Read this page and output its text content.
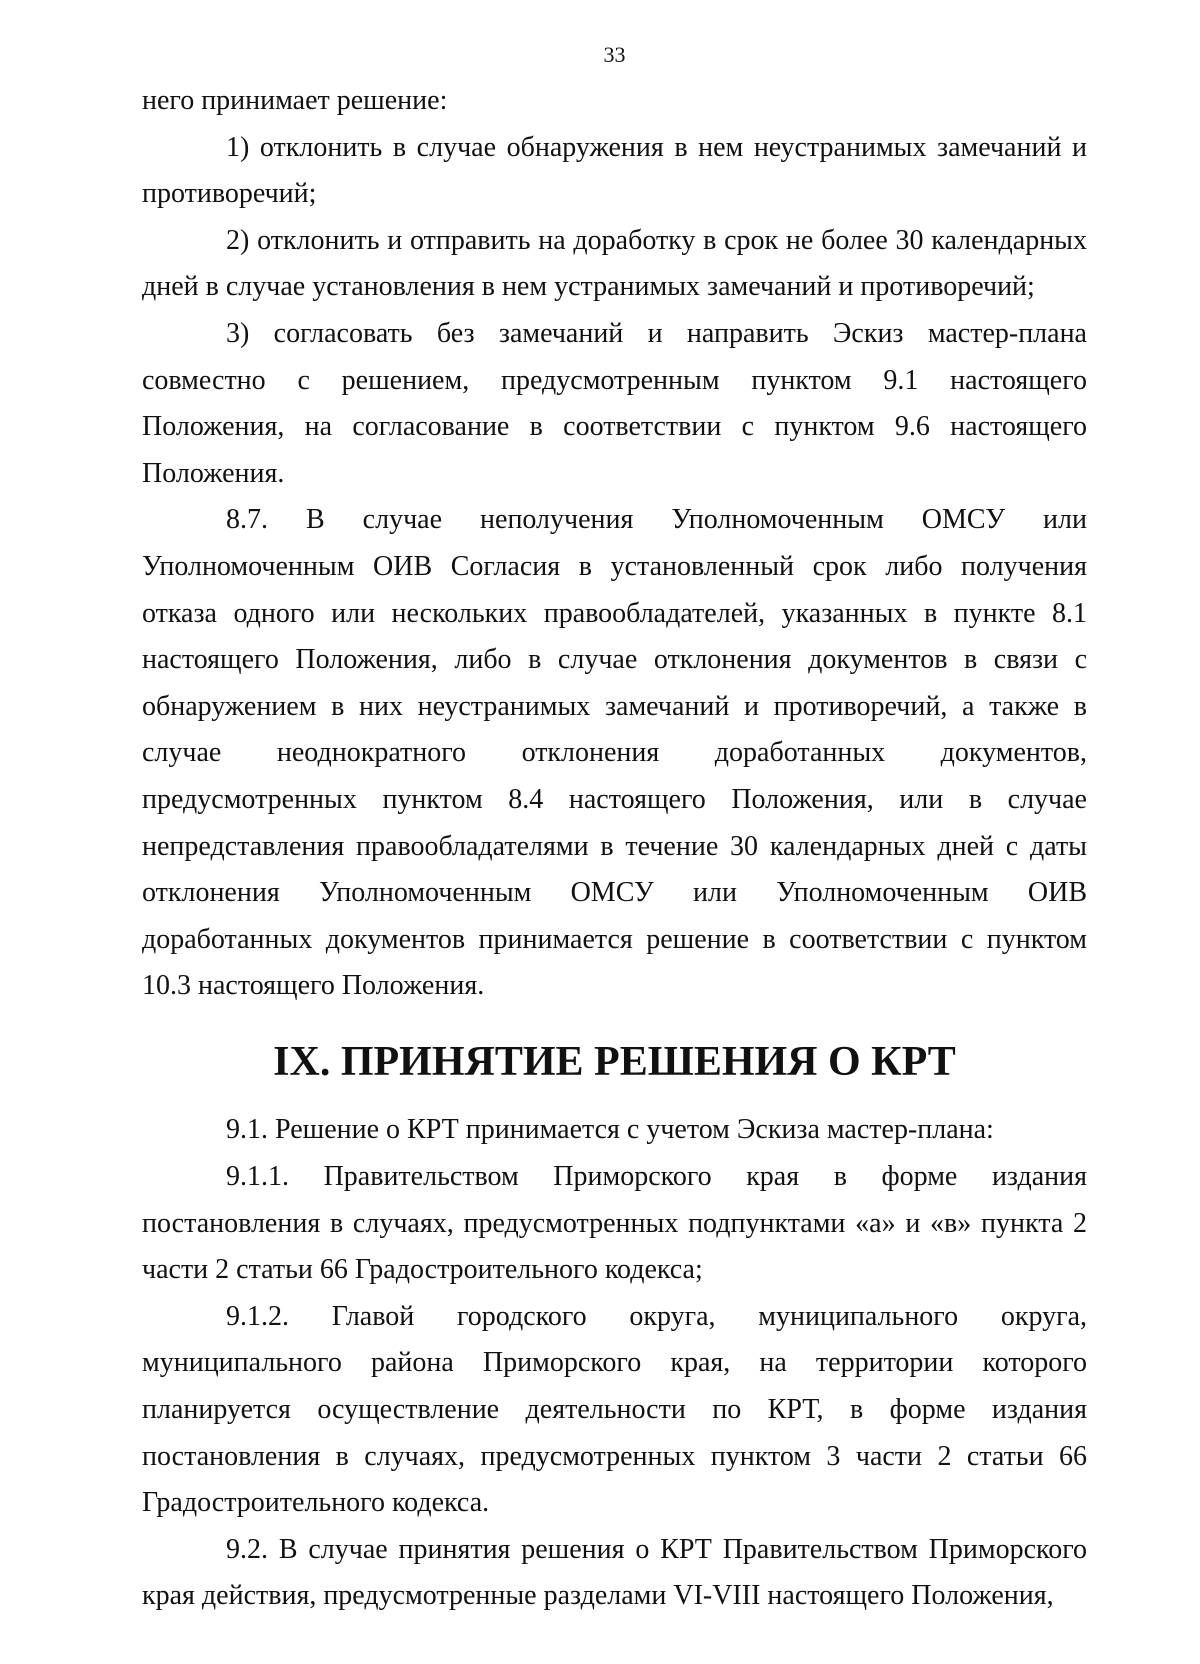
33

него принимает решение:

1) отклонить в случае обнаружения в нем неустранимых замечаний и противоречий;

2) отклонить и отправить на доработку в срок не более 30 календарных дней в случае установления в нем устранимых замечаний и противоречий;

3) согласовать без замечаний и направить Эскиз мастер-плана совместно с решением, предусмотренным пунктом 9.1 настоящего Положения, на согласование в соответствии с пунктом 9.6 настоящего Положения.

8.7. В случае неполучения Уполномоченным ОМСУ или Уполномоченным ОИВ Согласия в установленный срок либо получения отказа одного или нескольких правообладателей, указанных в пункте 8.1 настоящего Положения, либо в случае отклонения документов в связи с обнаружением в них неустранимых замечаний и противоречий, а также в случае неоднократного отклонения доработанных документов, предусмотренных пунктом 8.4 настоящего Положения, или в случае непредставления правообладателями в течение 30 календарных дней с даты отклонения Уполномоченным ОМСУ или Уполномоченным ОИВ доработанных документов принимается решение в соответствии с пунктом 10.3 настоящего Положения.

IX. ПРИНЯТИЕ РЕШЕНИЯ О КРТ

9.1. Решение о КРТ принимается с учетом Эскиза мастер-плана:

9.1.1. Правительством Приморского края в форме издания постановления в случаях, предусмотренных подпунктами «а» и «в» пункта 2 части 2 статьи 66 Градостроительного кодекса;

9.1.2. Главой городского округа, муниципального округа, муниципального района Приморского края, на территории которого планируется осуществление деятельности по КРТ, в форме издания постановления в случаях, предусмотренных пунктом 3 части 2 статьи 66 Градостроительного кодекса.

9.2. В случае принятия решения о КРТ Правительством Приморского края действия, предусмотренные разделами VI-VIII настоящего Положения,
